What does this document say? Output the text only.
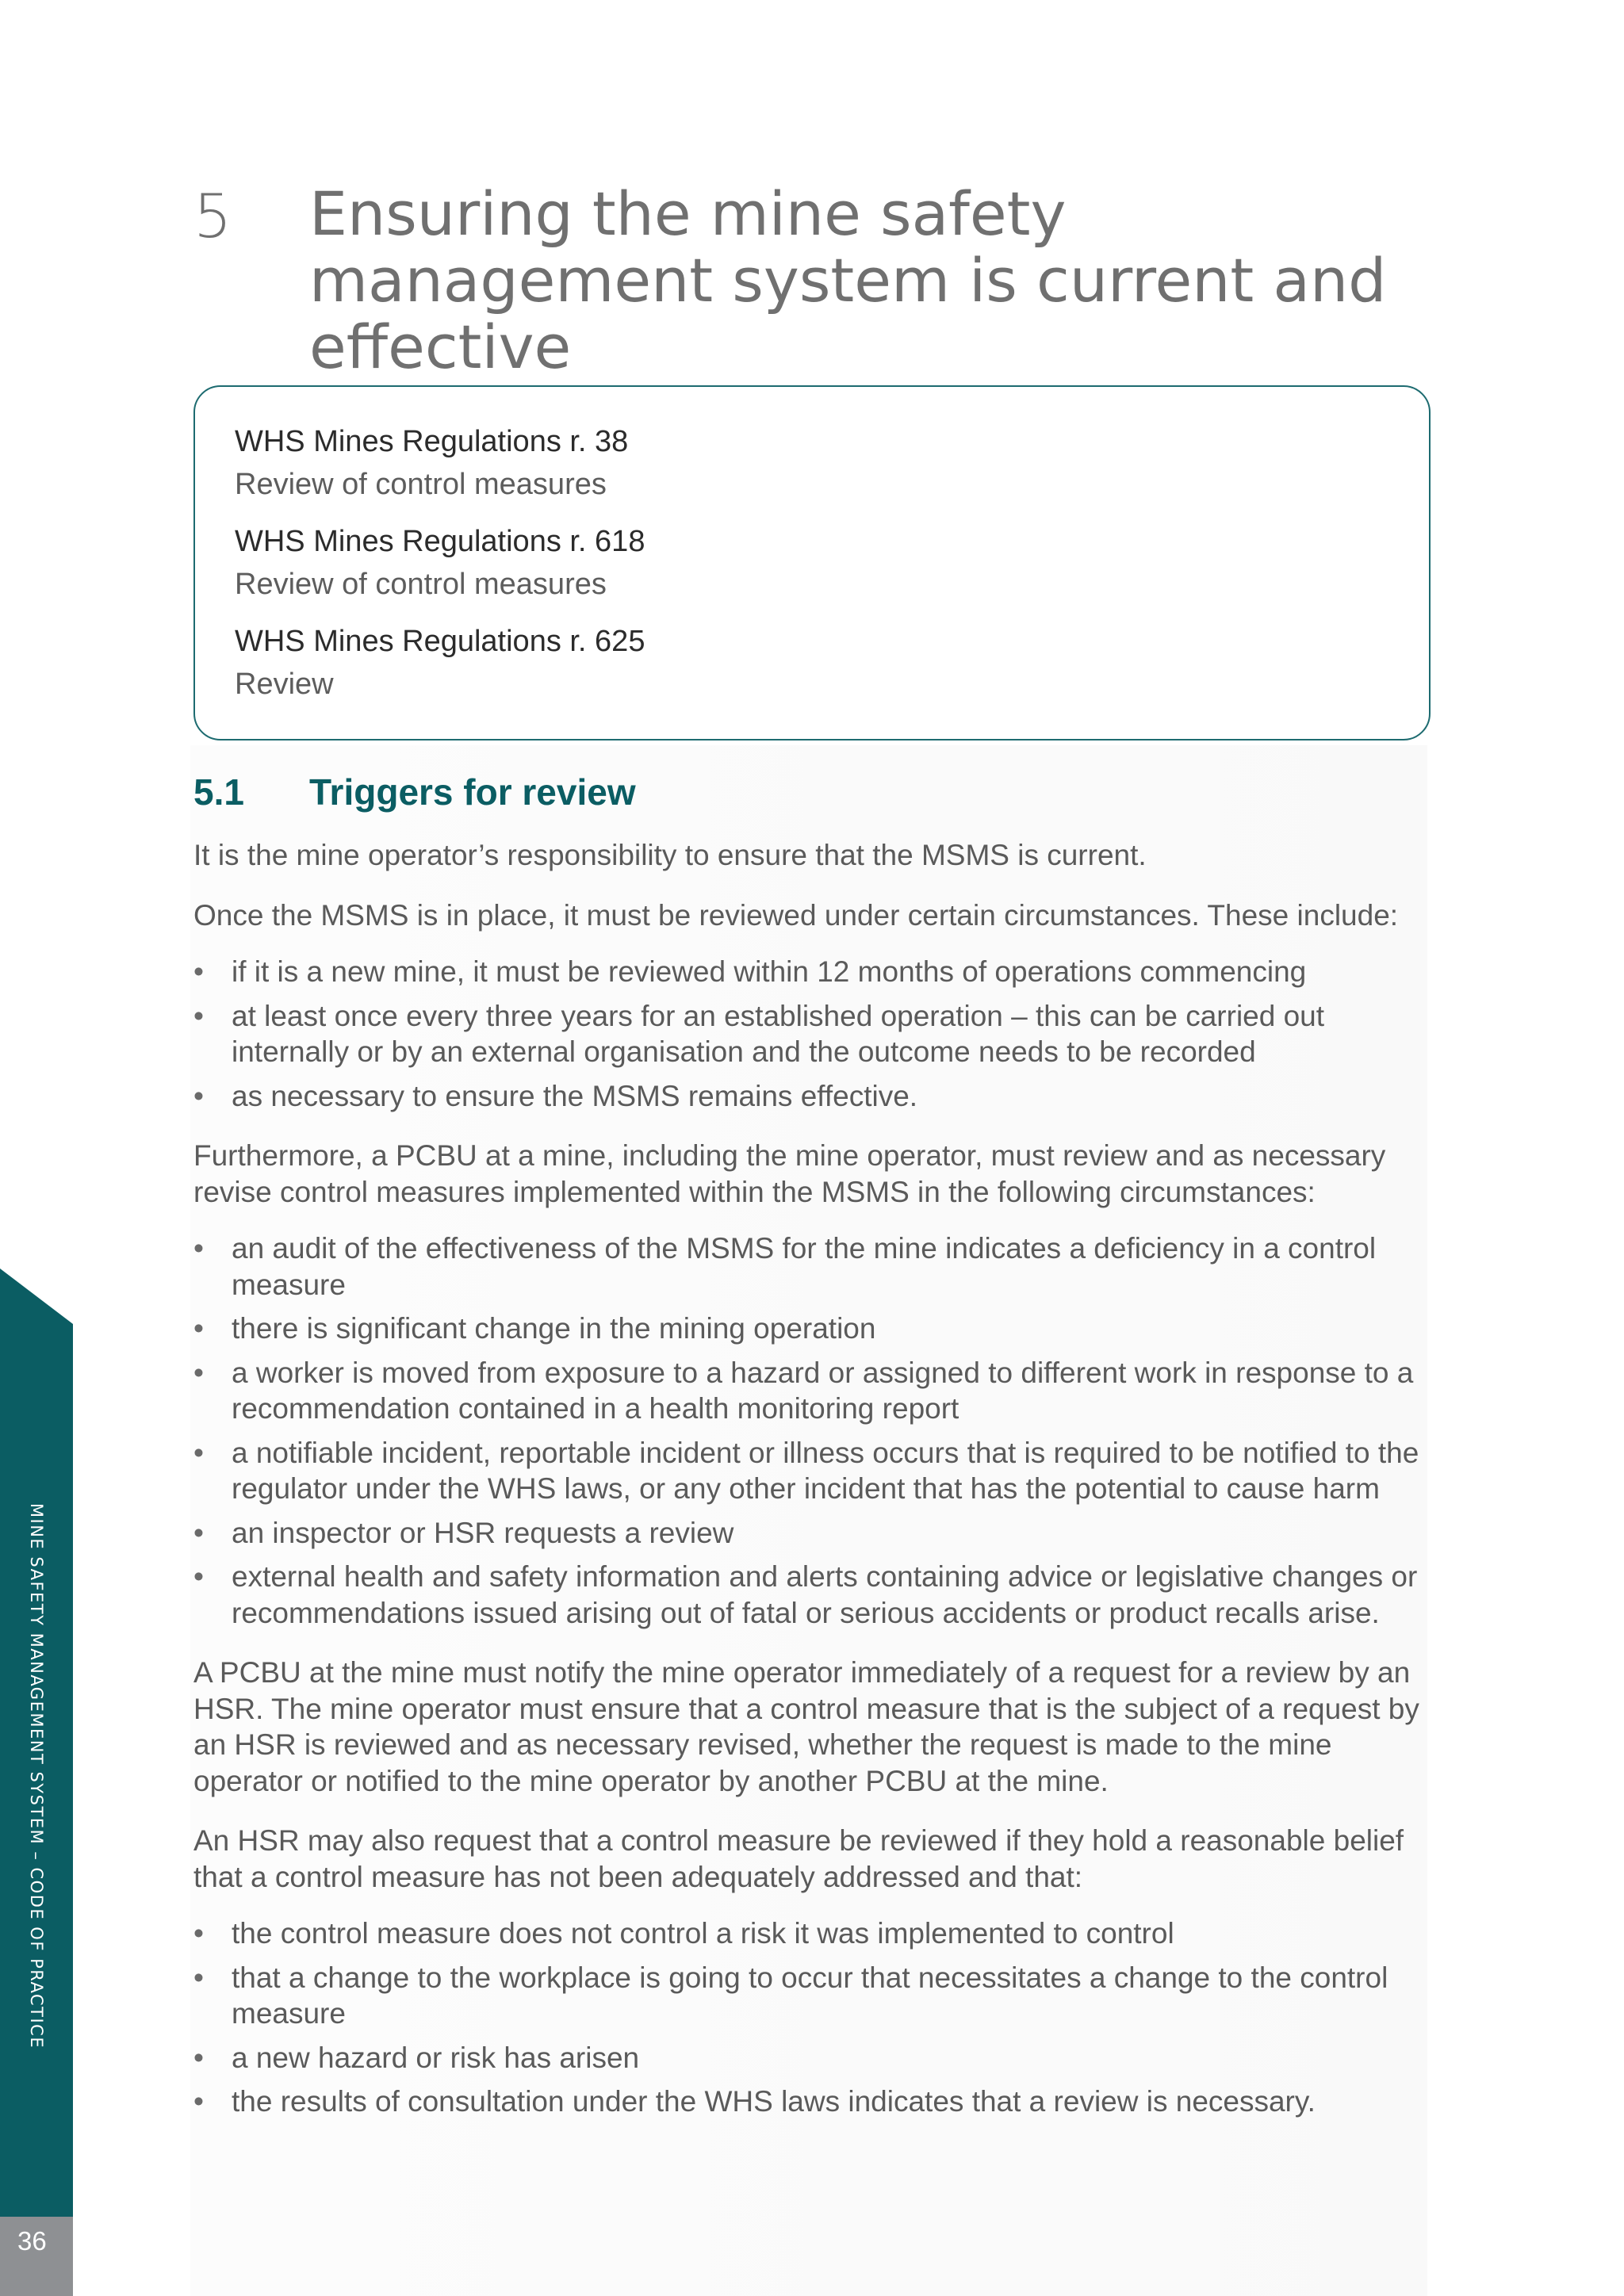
5 Ensuring the mine safety management system is current and effective
WHS Mines Regulations r. 38
Review of control measures
WHS Mines Regulations r. 618
Review of control measures
WHS Mines Regulations r. 625
Review
5.1 Triggers for review

It is the mine operator’s responsibility to ensure that the MSMS is current.

Once the MSMS is in place, it must be reviewed under certain circumstances. These include:

• if it is a new mine, it must be reviewed within 12 months of operations commencing
• at least once every three years for an established operation – this can be carried out internally or by an external organisation and the outcome needs to be recorded
• as necessary to ensure the MSMS remains effective.

Furthermore, a PCBU at a mine, including the mine operator, must review and as necessary revise control measures implemented within the MSMS in the following circumstances:

• an audit of the effectiveness of the MSMS for the mine indicates a deficiency in a control measure
• there is significant change in the mining operation
• a worker is moved from exposure to a hazard or assigned to different work in response to a recommendation contained in a health monitoring report
• a notifiable incident, reportable incident or illness occurs that is required to be notified to the regulator under the WHS laws, or any other incident that has the potential to cause harm
• an inspector or HSR requests a review
• external health and safety information and alerts containing advice or legislative changes or recommendations issued arising out of fatal or serious accidents or product recalls arise.

A PCBU at the mine must notify the mine operator immediately of a request for a review by an HSR. The mine operator must ensure that a control measure that is the subject of a request by an HSR is reviewed and as necessary revised, whether the request is made to the mine operator or notified to the mine operator by another PCBU at the mine.

An HSR may also request that a control measure be reviewed if they hold a reasonable belief that a control measure has not been adequately addressed and that:

• the control measure does not control a risk it was implemented to control
• that a change to the workplace is going to occur that necessitates a change to the control measure
• a new hazard or risk has arisen
• the results of consultation under the WHS laws indicates that a review is necessary.
MINE SAFETY MANAGEMENT SYSTEM – CODE OF PRACTICE
36
